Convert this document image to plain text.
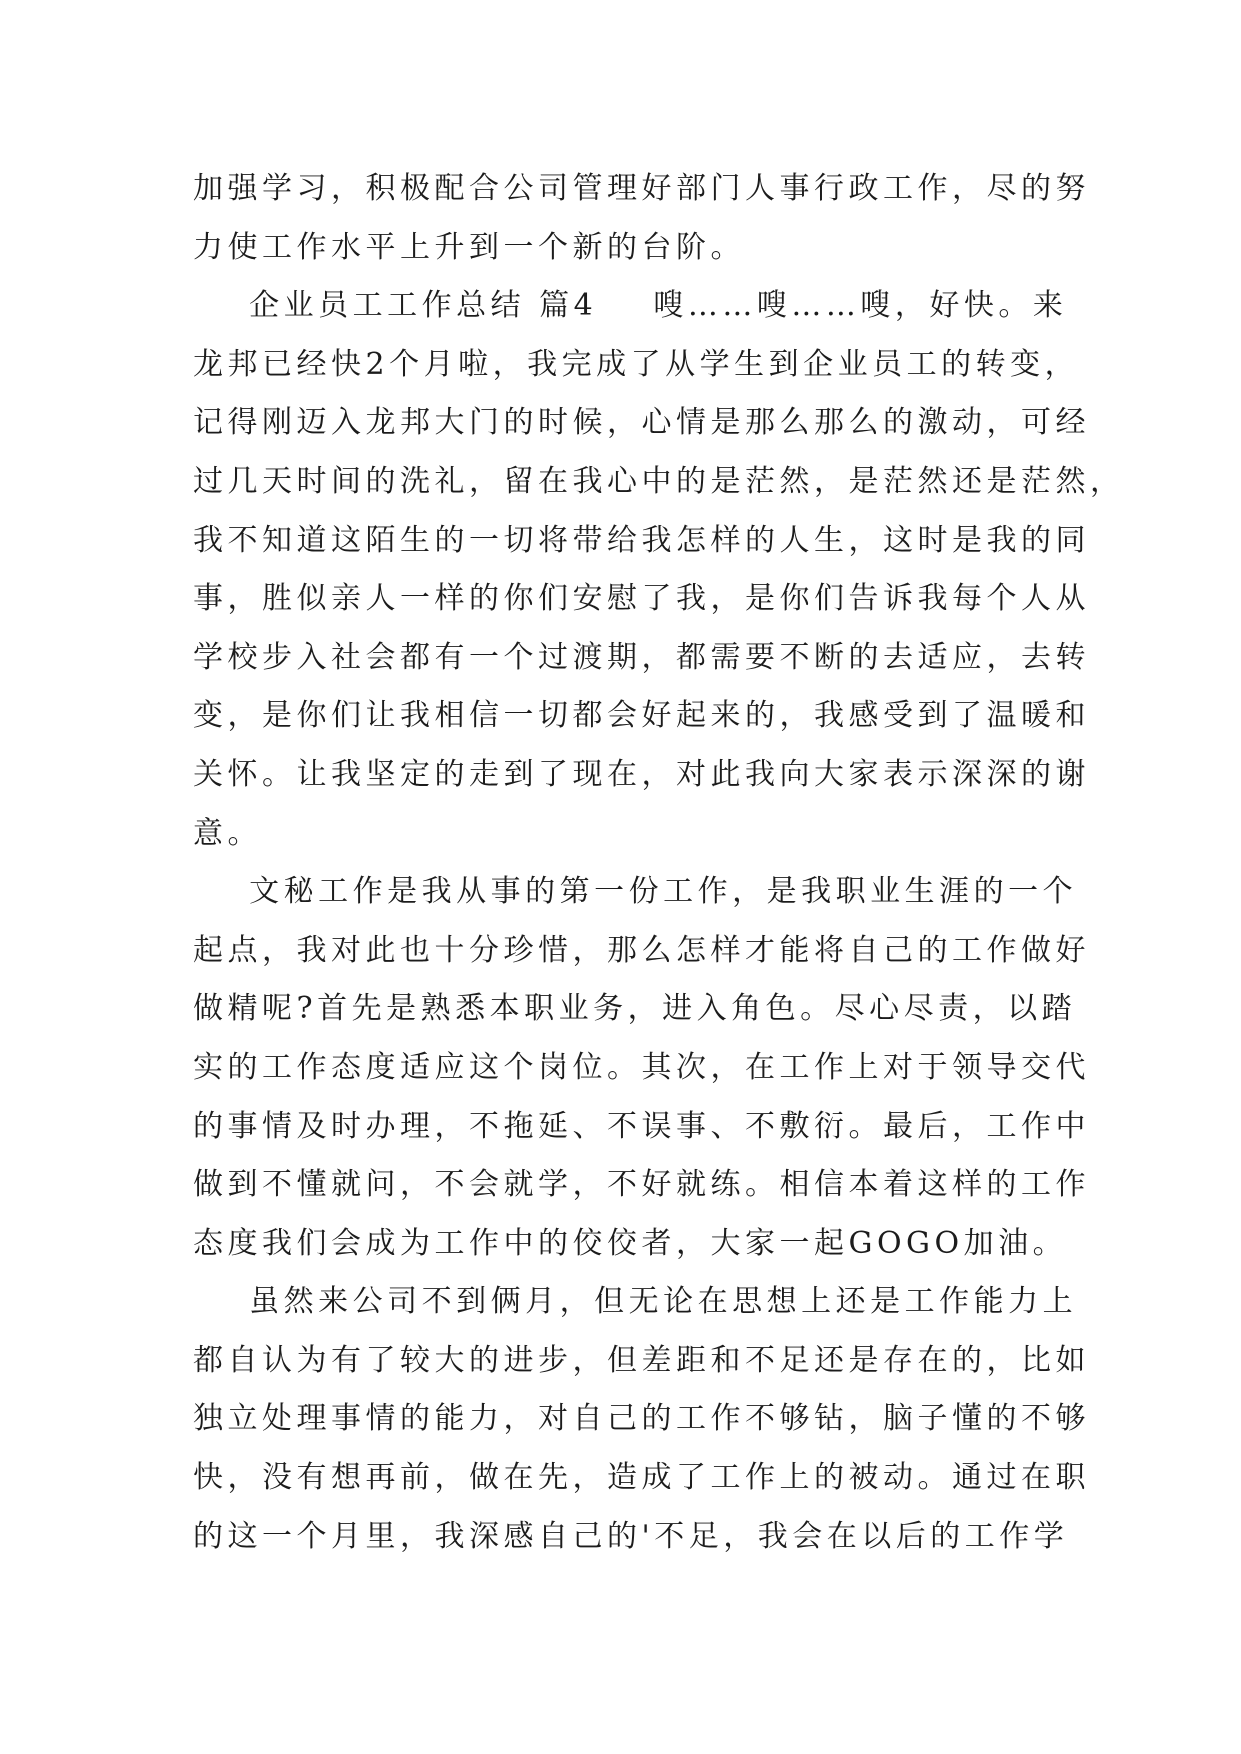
加强学习，积极配合公司管理好部门人事行政工作，尽的努
力使工作水平上升到一个新的台阶。
企业员工工作总结 篇4    嗖……嗖……嗖，好快。来
龙邦已经快2个月啦，我完成了从学生到企业员工的转变，
记得刚迈入龙邦大门的时候，心情是那么那么的激动，可经
过几天时间的洗礼，留在我心中的是茫然，是茫然还是茫然，
我不知道这陌生的一切将带给我怎样的人生，这时是我的同
事，胜似亲人一样的你们安慰了我，是你们告诉我每个人从
学校步入社会都有一个过渡期，都需要不断的去适应，去转
变，是你们让我相信一切都会好起来的，我感受到了温暖和
关怀。让我坚定的走到了现在，对此我向大家表示深深的谢
意。
文秘工作是我从事的第一份工作，是我职业生涯的一个
起点，我对此也十分珍惜，那么怎样才能将自己的工作做好
做精呢?首先是熟悉本职业务，进入角色。尽心尽责，以踏
实的工作态度适应这个岗位。其次，在工作上对于领导交代
的事情及时办理，不拖延、不误事、不敷衍。最后，工作中
做到不懂就问，不会就学，不好就练。相信本着这样的工作
态度我们会成为工作中的佼佼者，大家一起GOGO加油。
虽然来公司不到俩月，但无论在思想上还是工作能力上
都自认为有了较大的进步，但差距和不足还是存在的，比如
独立处理事情的能力，对自己的工作不够钻，脑子懂的不够
快，没有想再前，做在先，造成了工作上的被动。通过在职
的这一个月里，我深感自己的'不足，我会在以后的工作学
